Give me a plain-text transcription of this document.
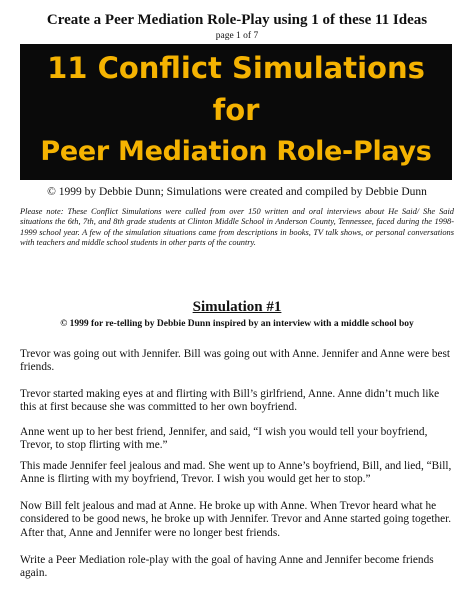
Create a Peer Mediation Role-Play using 1 of these 11 Ideas
page 1 of 7
11 Conflict Simulations
for
Peer Mediation Role-Plays
© 1999 by Debbie Dunn; Simulations were created and compiled by Debbie Dunn
Please note: These Conflict Simulations were culled from over 150 written and oral interviews about He Said/ She Said situations the 6th, 7th, and 8th grade students at Clinton Middle School in Anderson County, Tennessee, faced during the 1998-1999 school year. A few of the simulation situations came from descriptions in books, TV talk shows, or personal conversations with teachers and middle school students in other parts of the country.
Simulation #1
© 1999 for re-telling by Debbie Dunn inspired by an interview with a middle school boy
Trevor was going out with Jennifer. Bill was going out with Anne. Jennifer and Anne were best friends.
Trevor started making eyes at and flirting with Bill’s girlfriend, Anne. Anne didn’t much like this at first because she was committed to her own boyfriend.
Anne went up to her best friend, Jennifer, and said, “I wish you would tell your boyfriend, Trevor, to stop flirting with me.”
This made Jennifer feel jealous and mad. She went up to Anne’s boyfriend, Bill, and lied, “Bill, Anne is flirting with my boyfriend, Trevor. I wish you would get her to stop.”
Now Bill felt jealous and mad at Anne. He broke up with Anne. When Trevor heard what he considered to be good news, he broke up with Jennifer. Trevor and Anne started going together. After that, Anne and Jennifer were no longer best friends.
Write a Peer Mediation role-play with the goal of having Anne and Jennifer become friends again.
